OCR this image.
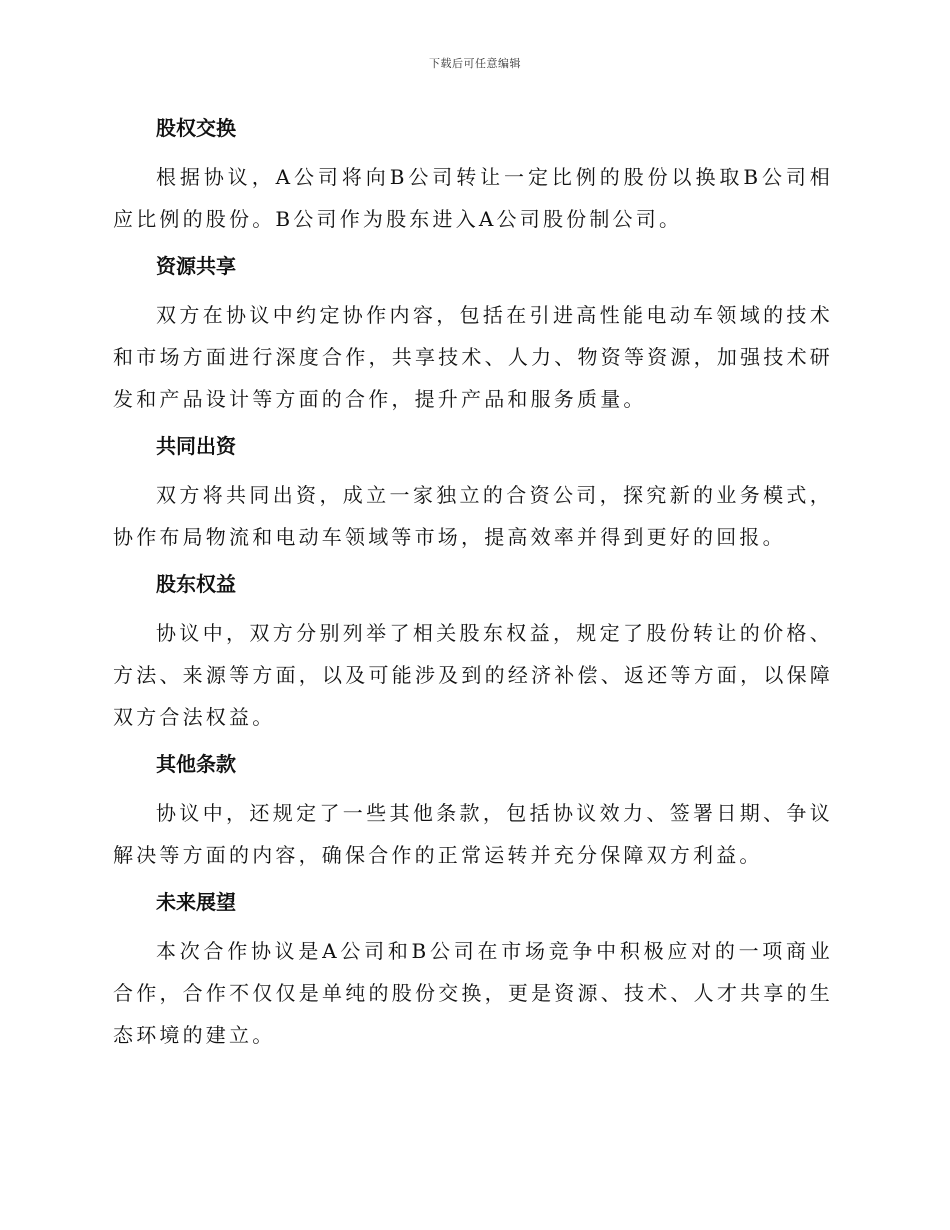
下载后可任意编辑
股权交换

根据协议，A公司将向B公司转让一定比例的股份以换取B公司相应比例的股份。B公司作为股东进入A公司股份制公司。

资源共享

双方在协议中约定协作内容，包括在引进高性能电动车领域的技术和市场方面进行深度合作，共享技术、人力、物资等资源，加强技术研发和产品设计等方面的合作，提升产品和服务质量。

共同出资

双方将共同出资，成立一家独立的合资公司，探究新的业务模式，协作布局物流和电动车领域等市场，提高效率并得到更好的回报。

股东权益

协议中，双方分别列举了相关股东权益，规定了股份转让的价格、方法、来源等方面，以及可能涉及到的经济补偿、返还等方面，以保障双方合法权益。

其他条款

协议中，还规定了一些其他条款，包括协议效力、签署日期、争议解决等方面的内容，确保合作的正常运转并充分保障双方利益。

未来展望

本次合作协议是A公司和B公司在市场竞争中积极应对的一项商业合作，合作不仅仅是单纯的股份交换，更是资源、技术、人才共享的生态环境的建立。
